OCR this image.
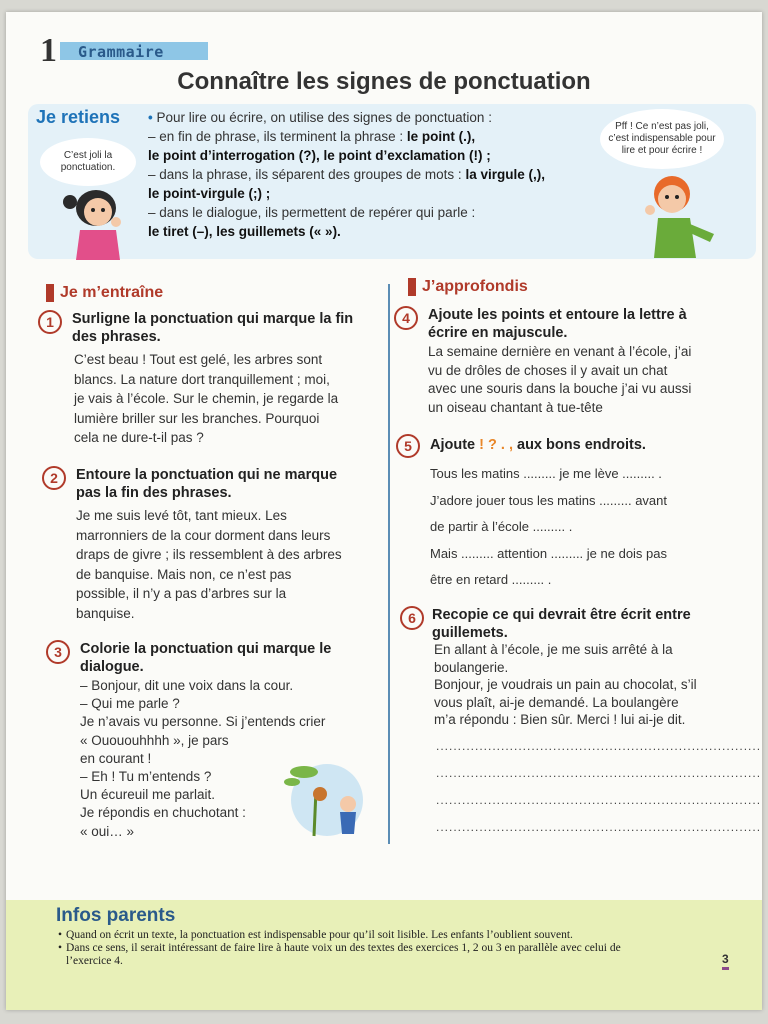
1 Grammaire
Connaître les signes de ponctuation
Je retiens • Pour lire ou écrire, on utilise des signes de ponctuation :
– en fin de phrase, ils terminent la phrase : le point (.),
le point d’interrogation (?), le point d’exclamation (!) ;
– dans la phrase, ils séparent des groupes de mots : la virgule (,),
le point-virgule (;) ;
– dans le dialogue, ils permettent de repérer qui parle :
le tiret (–), les guillemets (« »).
C’est joli la ponctuation.
Pff ! Ce n’est pas joli, c’est indispensable pour lire et pour écrire !
Je m’entraîne
1	Surligne la ponctuation qui marque la fin des phrases.
C’est beau ! Tout est gelé, les arbres sont
blancs. La nature dort tranquillement ; moi,
je vais à l’école. Sur le chemin, je regarde la
lumière briller sur les branches. Pourquoi
cela ne dure-t-il pas ?
2	Entoure la ponctuation qui ne marque pas la fin des phrases.
Je me suis levé tôt, tant mieux. Les
marronniers de la cour dorment dans leurs
draps de givre ; ils ressemblent à des arbres
de banquise. Mais non, ce n’est pas
possible, il n’y a pas d’arbres sur la
banquise.
3	Colorie la ponctuation qui marque le dialogue.
– Bonjour, dit une voix dans la cour.
– Qui me parle ?
Je n’avais vu personne. Si j’entends crier
« Ouououhhhh », je pars
en courant !
– Eh ! Tu m’entends ?
Un écureuil me parlait.
Je répondis en chuchotant :
« oui… »
J’approfondis
4	Ajoute les points et entoure la lettre à écrire en majuscule.
La semaine dernière en venant à l’école, j’ai
vu de drôles de choses il y avait un chat
avec une souris dans la bouche j’ai vu aussi
un oiseau chantant à tue-tête
5	Ajoute ! ? . , aux bons endroits.
Tous les matins ......... je me lève ......... .
J’adore jouer tous les matins ......... avant
de partir à l’école ......... .
Mais ......... attention ......... je ne dois pas
être en retard ......... .
6	Recopie ce qui devrait être écrit entre guillemets.
En allant à l’école, je me suis arrêté à la
boulangerie.
Bonjour, je voudrais un pain au chocolat, s’il
vous plaît, ai-je demandé. La boulangère
m’a répondu : Bien sûr. Merci ! lui ai-je dit.
...........................................................................
...........................................................................
...........................................................................
...........................................................................
Infos parents
• Quand on écrit un texte, la ponctuation est indispensable pour qu’il soit lisible. Les enfants l’oublient souvent.
• Dans ce sens, il serait intéressant de faire lire à haute voix un des textes des exercices 1, 2 ou 3 en parallèle avec celui de l’exercice 4.	3
